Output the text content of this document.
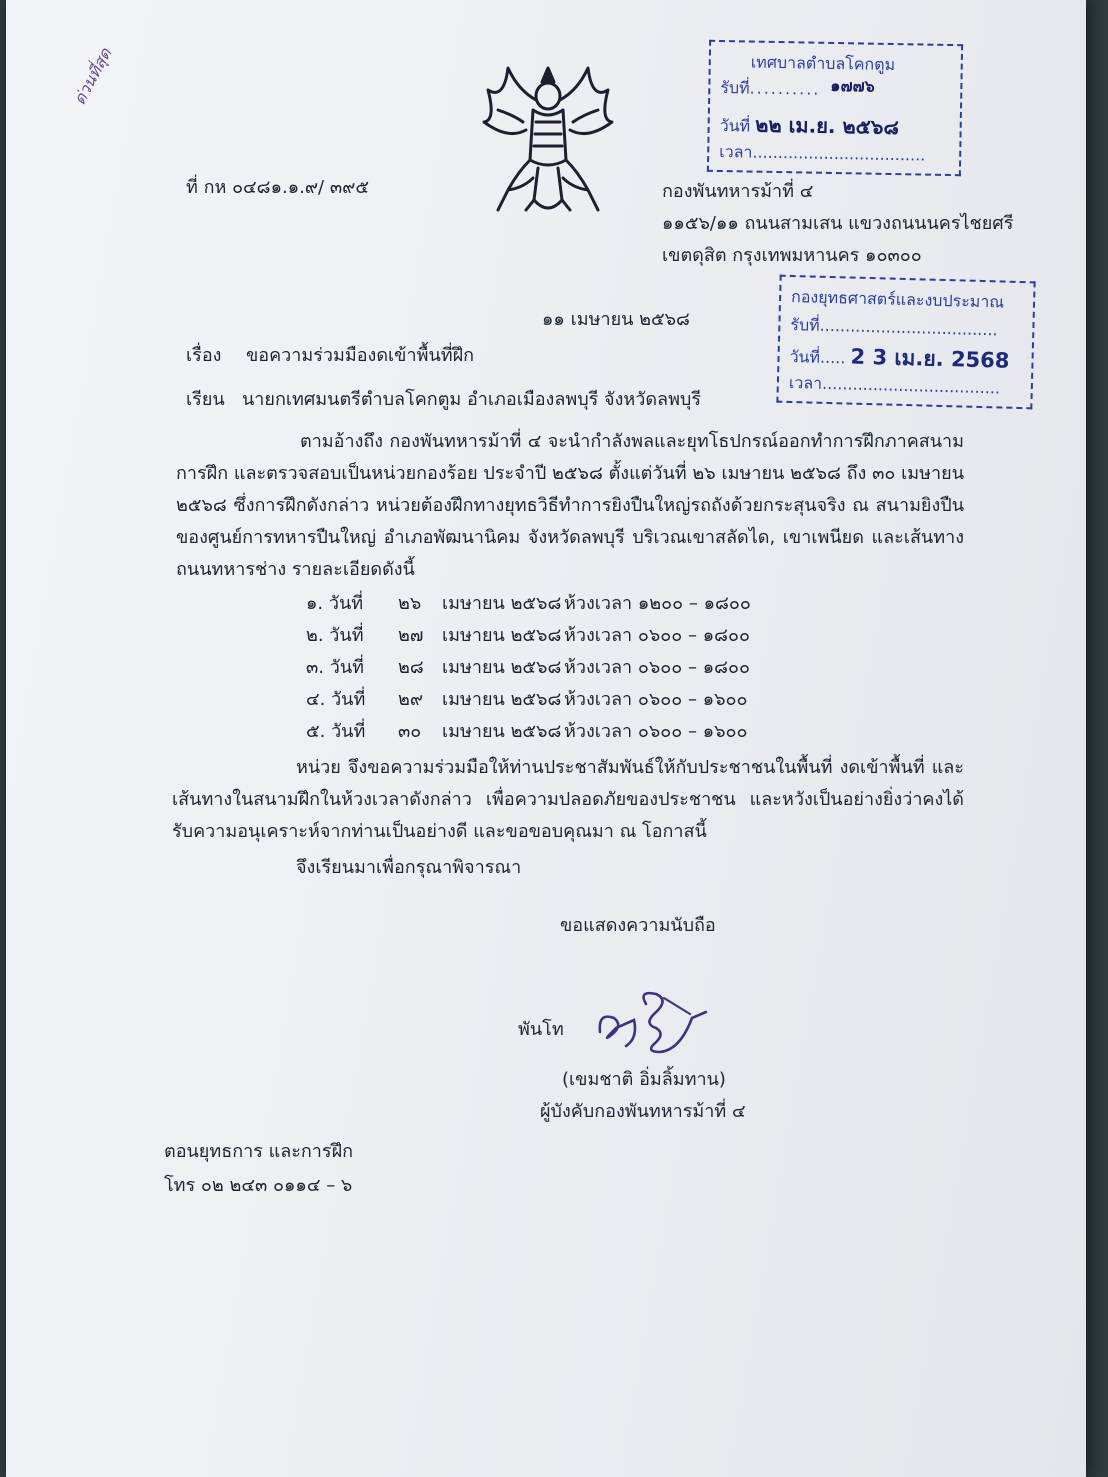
ด่วนที่สุด	เทศบาลตำบลโคกตูม
รับที่.......... ๑๗๗๖
วันที่ ๒๒ เม.ย. ๒๕๖๘
เวลา..................................
กองยุทธศาสตร์และงบประมาณ
รับที่...................................
วันที่..... 2 3 เม.ย. 2568
เวลา...................................
ที่ กห ๐๔๘๑.๑.๙/ ๓๙๕	กองพันทหารม้าที่ ๔
๑๑๕๖/๑๑ ถนนสามเสน แขวงถนนนครไชยศรี
เขตดุสิต กรุงเทพมหานคร ๑๐๓๐๐
๑๑ เมษายน ๒๕๖๘
เรื่อง ขอความร่วมมืองดเข้าพื้นที่ฝึก
เรียน นายกเทศมนตรีตำบลโคกตูม อำเภอเมืองลพบุรี จังหวัดลพบุรี
ตามอ้างถึง กองพันทหารม้าที่ ๔ จะนำกำลังพลและยุทโธปกรณ์ออกทำการฝึกภาคสนาม การฝึก และตรวจสอบเป็นหน่วยกองร้อย ประจำปี ๒๕๖๘ ตั้งแต่วันที่ ๒๖ เมษายน ๒๕๖๘ ถึง ๓๐ เมษายน ๒๕๖๘ ซึ่งการฝึกดังกล่าว หน่วยต้องฝึกทางยุทธวิธีทำการยิงปืนใหญ่รถถังด้วยกระสุนจริง ณ สนามยิงปืนของศูนย์การทหารปืนใหญ่ อำเภอพัฒนานิคม จังหวัดลพบุรี บริเวณเขาสลัดได, เขาเพนียด และเส้นทางถนนทหารช่าง รายละเอียดดังนี้
๑. วันที่ ๒๖ เมษายน ๒๕๖๘ ห้วงเวลา ๑๒๐๐ – ๑๘๐๐
๒. วันที่ ๒๗ เมษายน ๒๕๖๘ ห้วงเวลา ๐๖๐๐ – ๑๘๐๐
๓. วันที่ ๒๘ เมษายน ๒๕๖๘ ห้วงเวลา ๐๖๐๐ – ๑๘๐๐
๔. วันที่ ๒๙ เมษายน ๒๕๖๘ ห้วงเวลา ๐๖๐๐ – ๑๖๐๐
๕. วันที่ ๓๐ เมษายน ๒๕๖๘ ห้วงเวลา ๐๖๐๐ – ๑๖๐๐
หน่วย จึงขอความร่วมมือให้ท่านประชาสัมพันธ์ให้กับประชาชนในพื้นที่ งดเข้าพื้นที่ และเส้นทางในสนามฝึกในห้วงเวลาดังกล่าว เพื่อความปลอดภัยของประชาชน และหวังเป็นอย่างยิ่งว่าคงได้รับความอนุเคราะห์จากท่านเป็นอย่างดี และขอขอบคุณมา ณ โอกาสนี้
จึงเรียนมาเพื่อกรุณาพิจารณา
ขอแสดงความนับถือ
พันโท
(เขมชาติ อิ่มลิ้มทาน)
ผู้บังคับกองพันทหารม้าที่ ๔
ตอนยุทธการ และการฝึก
โทร ๐๒ ๒๔๓ ๐๑๑๔ – ๖
